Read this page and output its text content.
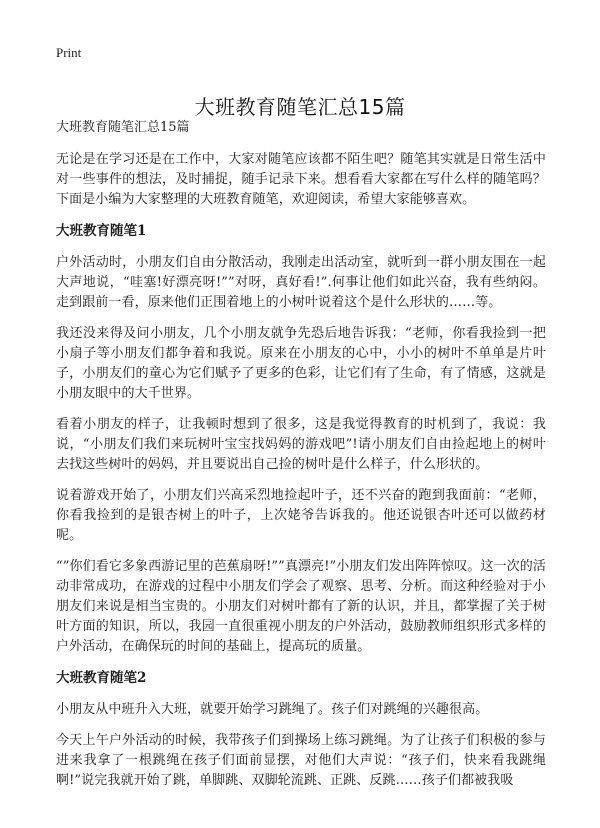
Print
大班教育随笔汇总15篇
大班教育随笔汇总15篇

无论是在学习还是在工作中，大家对随笔应该都不陌生吧？随笔其实就是日常生活中对一些事件的想法，及时捕捉，随手记录下来。想看看大家都在写什么样的随笔吗？下面是小编为大家整理的大班教育随笔，欢迎阅读，希望大家能够喜欢。

大班教育随笔1

户外活动时，小朋友们自由分散活动，我刚走出活动室，就听到一群小朋友围在一起大声地说，“哇塞!好漂亮呀!””对呀，真好看!”.何事让他们如此兴奋，我有些纳闷。走到跟前一看，原来他们正围着地上的小树叶说着这个是什么形状的……等。

我还没来得及问小朋友，几个小朋友就争先恐后地告诉我：“老师，你看我捡到一把小扇子等小朋友们都争着和我说。原来在小朋友的心中，小小的树叶不单单是片叶子，小朋友们的童心为它们赋予了更多的色彩，让它们有了生命，有了情感，这就是小朋友眼中的大千世界。

看着小朋友的样子，让我顿时想到了很多，这是我觉得教育的时机到了，我说：我说，“小朋友们我们来玩树叶宝宝找妈妈的游戏吧”!请小朋友们自由捡起地上的树叶去找这些树叶的妈妈，并且要说出自己捡的树叶是什么样子，什么形状的。

说着游戏开始了，小朋友们兴高采烈地捡起叶子，还不兴奋的跑到我面前：“老师，你看我捡到的是银杏树上的叶子，上次姥爷告诉我的。他还说银杏叶还可以做药材呢。

“”你们看它多象西游记里的芭蕉扇呀!””真漂亮!”小朋友们发出阵阵惊叹。这一次的活动非常成功，在游戏的过程中小朋友们学会了观察、思考、分析。而这种经验对于小朋友们来说是相当宝贵的。小朋友们对树叶都有了新的认识，并且，都掌握了关于树叶方面的知识，所以，我园一直很重视小朋友的户外活动，鼓励教师组织形式多样的户外活动，在确保玩的时间的基础上，提高玩的质量。

大班教育随笔2

小朋友从中班升入大班，就要开始学习跳绳了。孩子们对跳绳的兴趣很高。

今天上午户外活动的时候，我带孩子们到操场上练习跳绳。为了让孩子们积极的参与进来我拿了一根跳绳在孩子们面前显摆，对他们大声说：“孩子们，快来看我跳绳啊!”说完我就开始了跳，单脚跳、双脚轮流跳、正跳、反跳……孩子们都被我吸
